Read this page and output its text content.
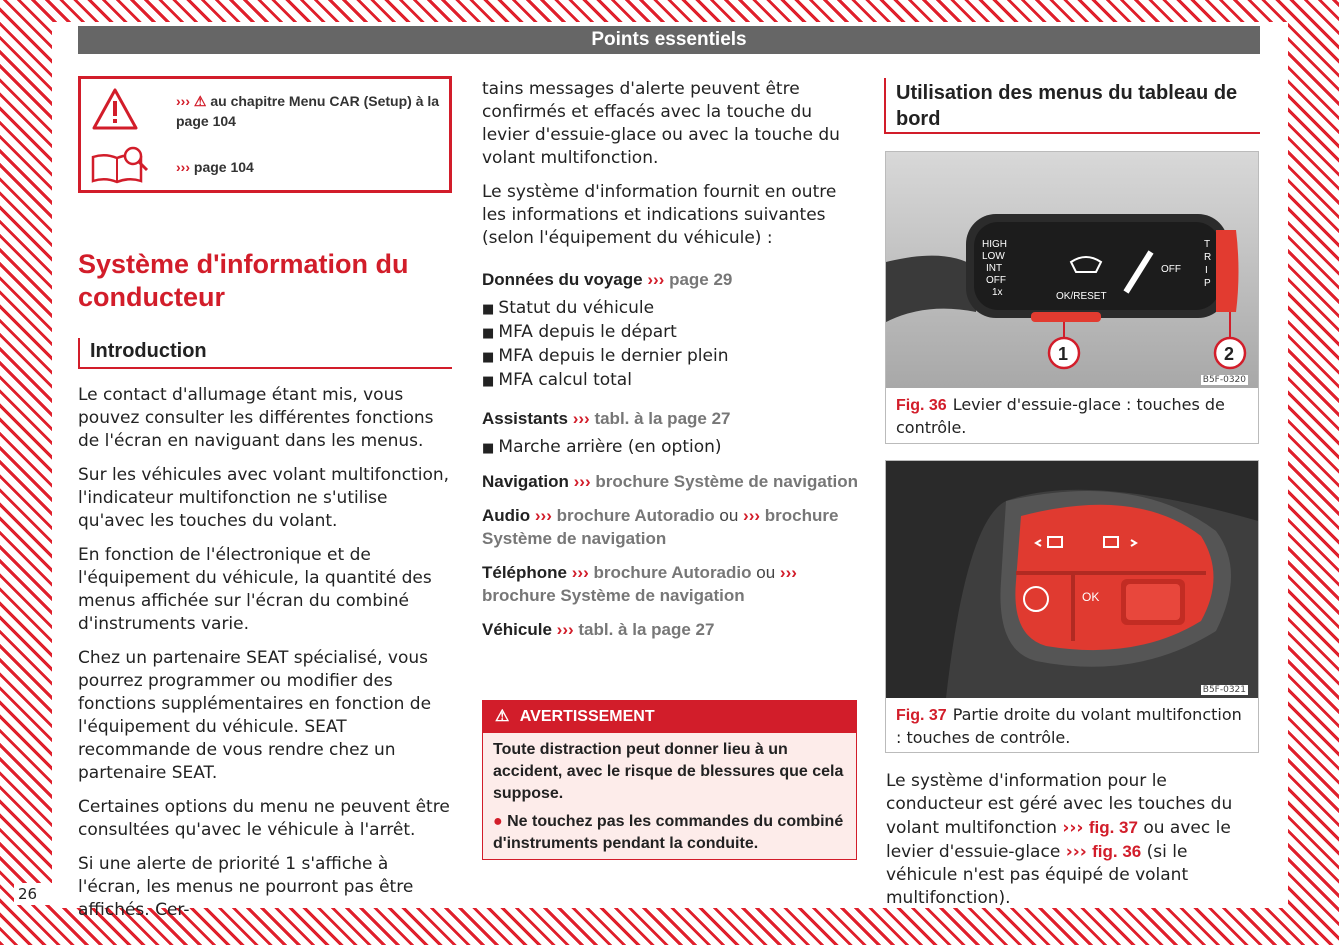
Points essentiels
26
››› ⚠ au chapitre Menu CAR (Setup) à la page 104
››› page 104
Système d'information du conducteur
Introduction

Le contact d'allumage étant mis, vous pouvez consulter les différentes fonctions de l'écran en naviguant dans les menus.

Sur les véhicules avec volant multifonction, l'indicateur multifonction ne s'utilise qu'avec les touches du volant.

En fonction de l'électronique et de l'équipement du véhicule, la quantité des menus affichée sur l'écran du combiné d'instruments varie.

Chez un partenaire SEAT spécialisé, vous pourrez programmer ou modifier des fonctions supplémentaires en fonction de l'équipement du véhicule. SEAT recommande de vous rendre chez un partenaire SEAT.

Certaines options du menu ne peuvent être consultées qu'avec le véhicule à l'arrêt.

Si une alerte de priorité 1 s'affiche à l'écran, les menus ne pourront pas être affichés. Cer-

tains messages d'alerte peuvent être confirmés et effacés avec la touche du levier d'essuie-glace ou avec la touche du volant multifonction.

Le système d'information fournit en outre les informations et indications suivantes (selon l'équipement du véhicule) :

Données du voyage ››› page 29
■ Statut du véhicule
■ MFA depuis le départ
■ MFA depuis le dernier plein
■ MFA calcul total
Assistants ››› tabl. à la page 27
■ Marche arrière (en option)
Navigation ››› brochure Système de navigation
Audio ››› brochure Autoradio ou ››› brochure Système de navigation
Téléphone ››› brochure Autoradio ou ››› brochure Système de navigation
Véhicule ››› tabl. à la page 27
⚠ AVERTISSEMENT
Toute distraction peut donner lieu à un accident, avec le risque de blessures que cela suppose.
● Ne touchez pas les commandes du combiné d'instruments pendant la conduite.
Utilisation des menus du tableau de bord
HIGH
LOW
INT
OFF
1x	OK/RESET
OFF
T
R
I
P
1	2
B5F-0320
Fig. 36 Levier d'essuie-glace : touches de contrôle.
OK
B5F-0321
Fig. 37 Partie droite du volant multifonction : touches de contrôle.
Le système d'information pour le conducteur est géré avec les touches du volant multifonction ››› fig. 37 ou avec le levier d'essuie-glace ››› fig. 36 (si le véhicule n'est pas équipé de volant multifonction).
